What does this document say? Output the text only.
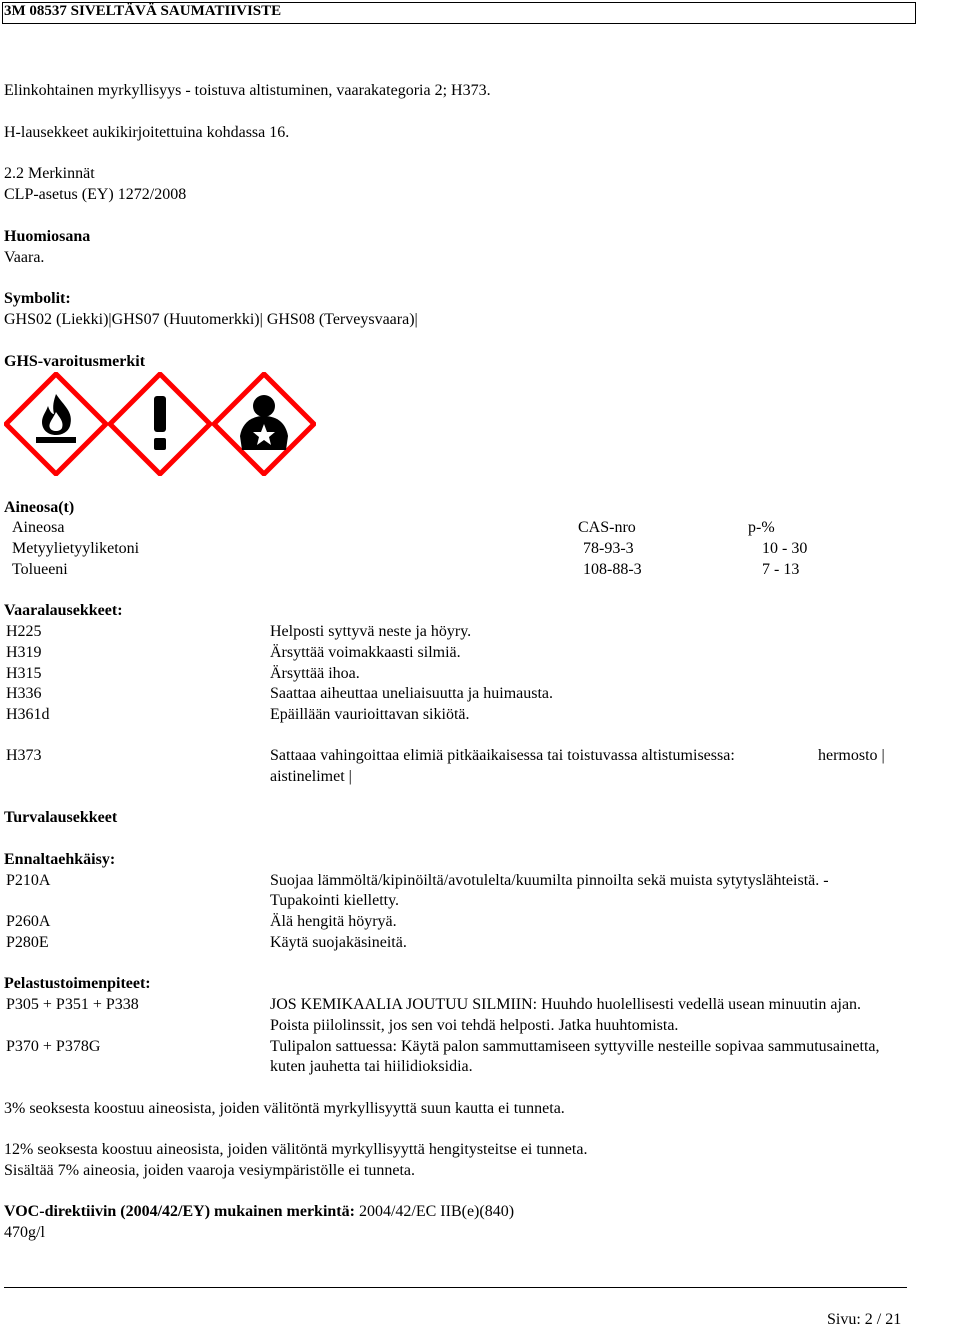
3M 08537 SIVELTÄVÄ SAUMATIIVISTE
Elinkohtainen myrkyllisyys - toistuva altistuminen, vaarakategoria 2; H373.
H-lausekkeet aukikirjoitettuina kohdassa 16.
2.2 Merkinnät
CLP-asetus (EY) 1272/2008
Huomiosana
Vaara.
Symbolit:
GHS02 (Liekki)|GHS07 (Huutomerkki)| GHS08 (Terveysvaara)|
GHS-varoitusmerkit
Aineosa(t)
Aineosa	CAS-nro	p-%
Metyylietyyliketoni	78-93-3	10 - 30
Tolueeni	108-88-3	7 - 13
Vaaralausekkeet:
H225	Helposti syttyvä neste ja höyry.
H319	Ärsyttää voimakkaasti silmiä.
H315	Ärsyttää ihoa.
H336	Saattaa aiheuttaa uneliaisuutta ja huimausta.
H361d	Epäillään vaurioittavan sikiötä.
H373	Sattaaa vahingoittaa elimiä pitkäaikaisessa tai toistuvassa altistumisessa:	hermosto |
aistinelimet |
Turvalausekkeet
Ennaltaehkäisy:
P210A	Suojaa lämmöltä/kipinöiltä/avotulelta/kuumilta pinnoilta sekä muista sytytyslähteistä. -
Tupakointi kielletty.
P260A	Älä hengitä höyryä.
P280E	Käytä suojakäsineitä.
Pelastustoimenpiteet:
P305 + P351 + P338	JOS KEMIKAALIA JOUTUU SILMIIN: Huuhdo huolellisesti vedellä usean minuutin ajan.
Poista piilolinssit, jos sen voi tehdä helposti. Jatka huuhtomista.
P370 + P378G	Tulipalon sattuessa: Käytä palon sammuttamiseen syttyville nesteille sopivaa sammutusainetta,
kuten jauhetta tai hiilidioksidia.
3% seoksesta koostuu aineosista, joiden välitöntä myrkyllisyyttä suun kautta ei tunneta.
12% seoksesta koostuu aineosista, joiden välitöntä myrkyllisyyttä hengitysteitse ei tunneta.
Sisältää 7% aineosia, joiden vaaroja vesiympäristölle ei tunneta.
VOC-direktiivin (2004/42/EY) mukainen merkintä: 2004/42/EC IIB(e)(840)
470g/l
Sivu: 2 / 21
